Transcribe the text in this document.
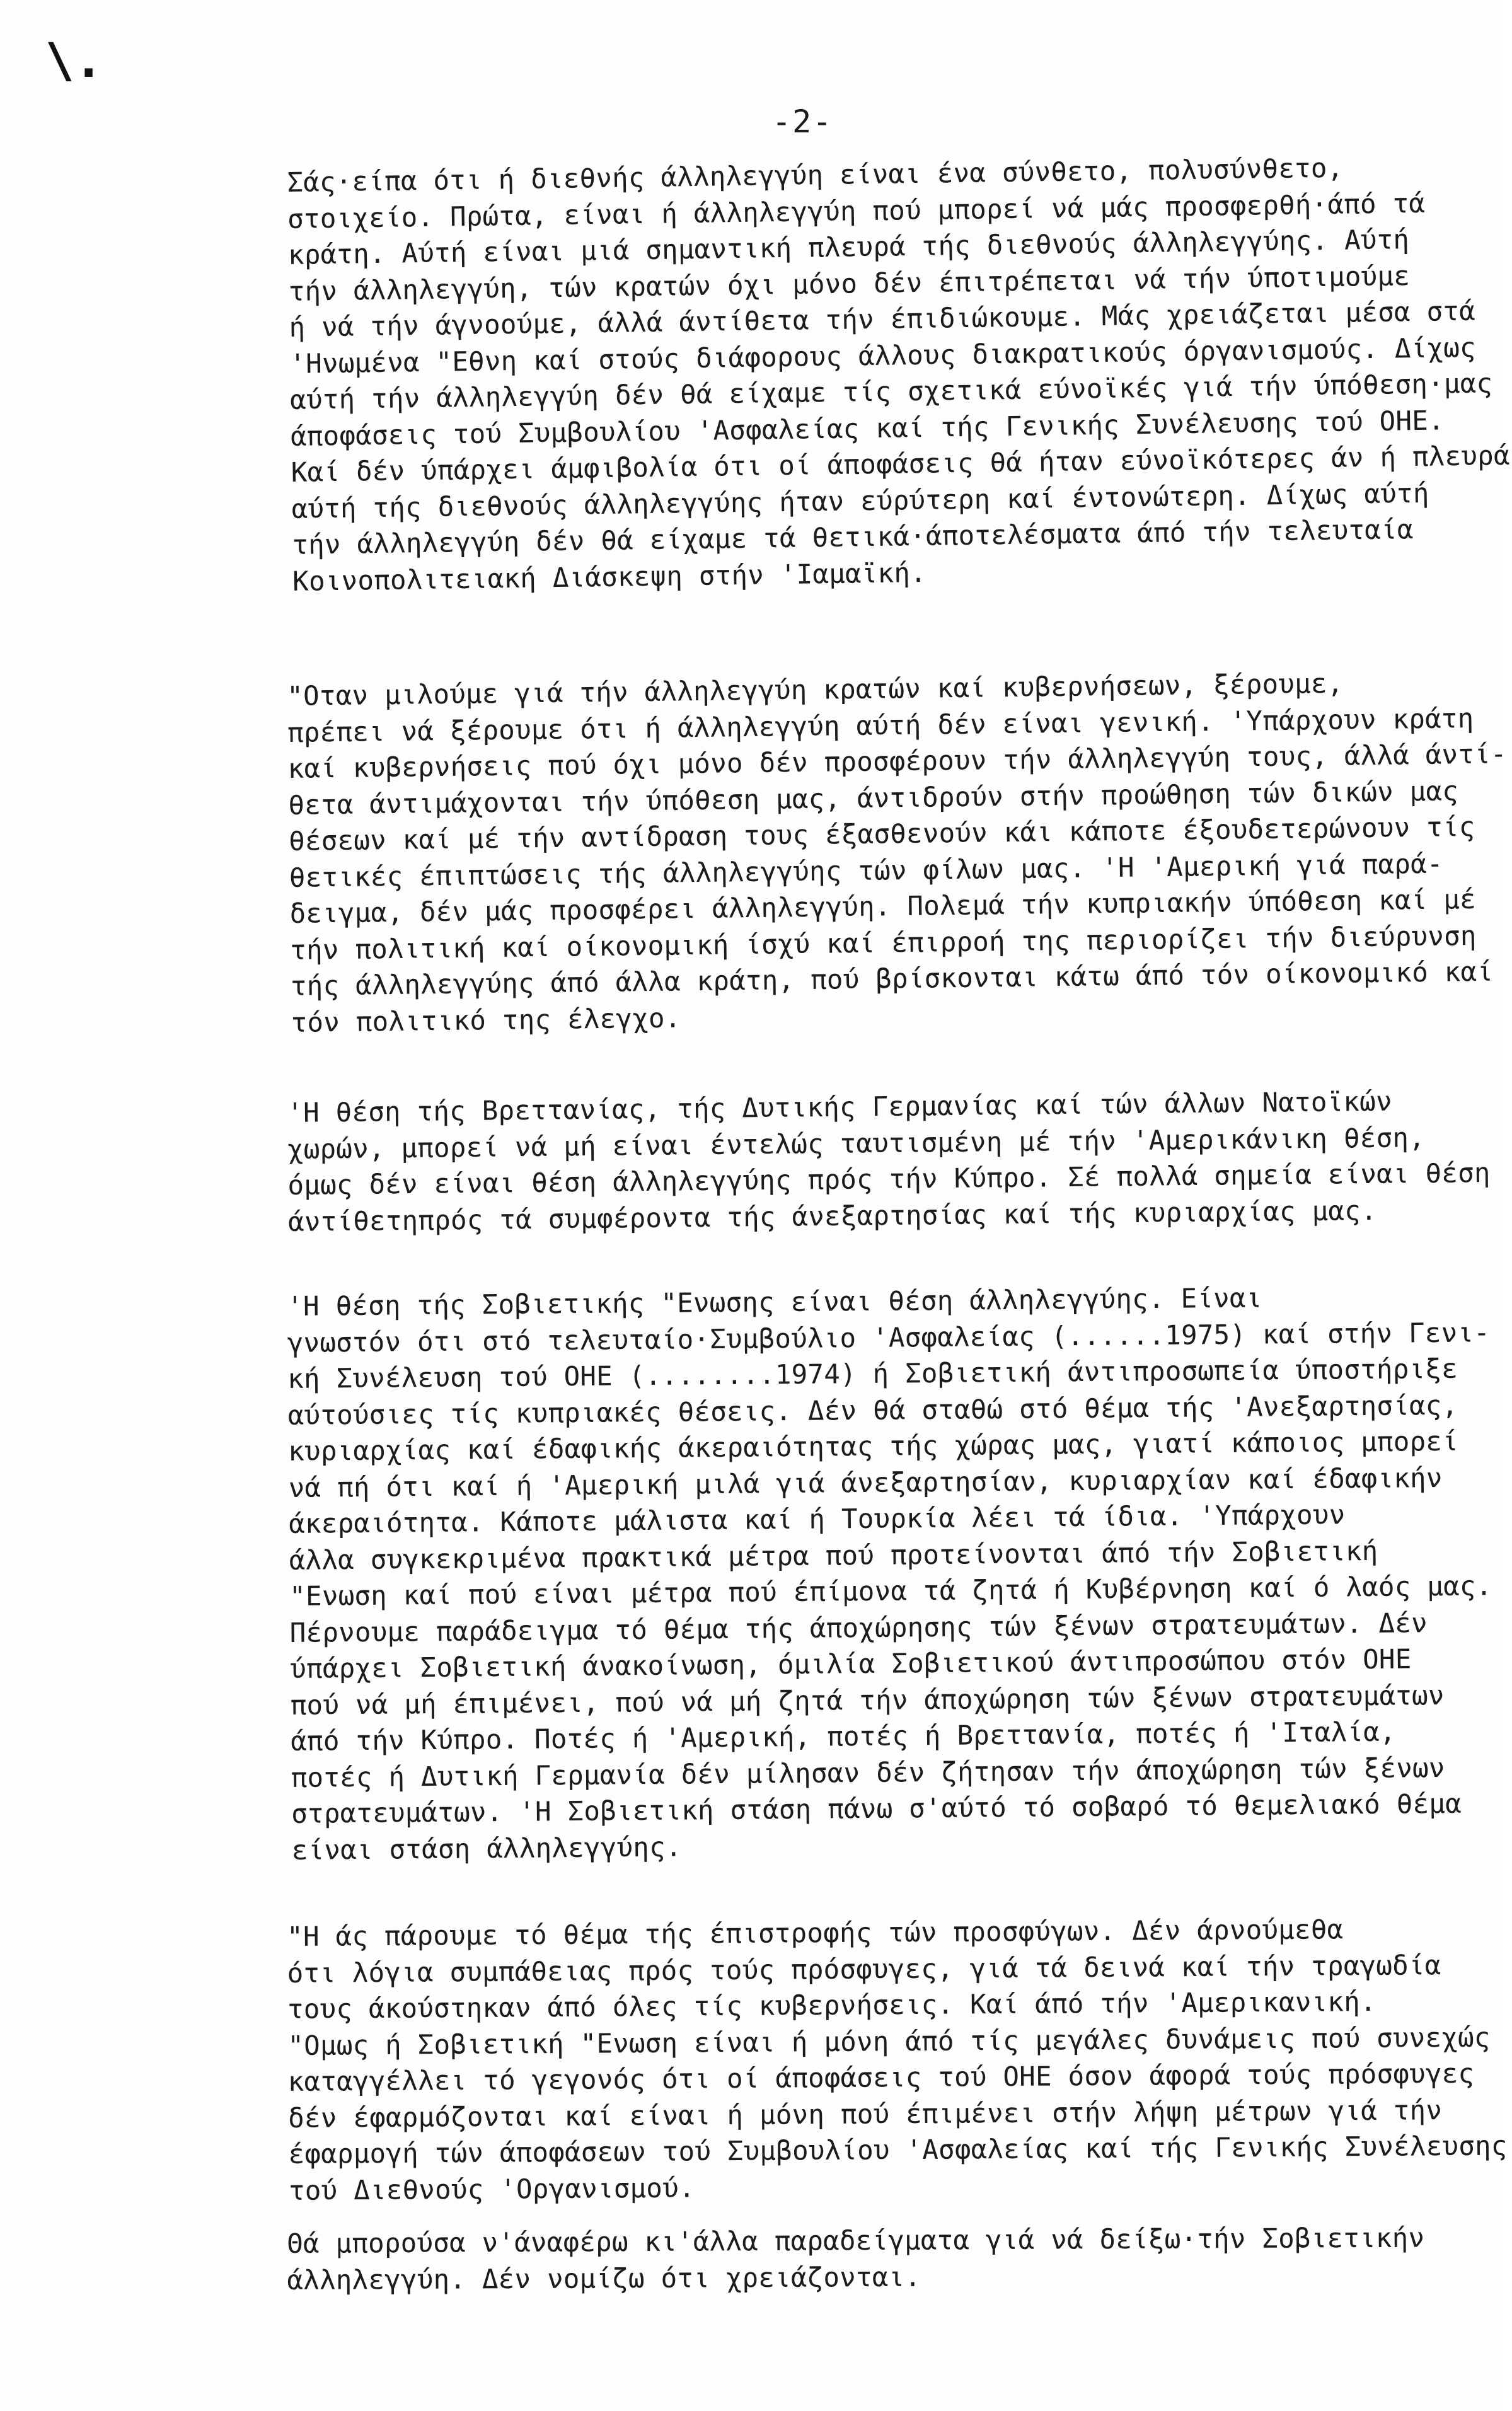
\.
-2-
Σάς·είπα ότι ή διεθνής άλληλεγγύη είναι ένα σύνθετο, πολυσύνθετο,
στοιχείο. Πρώτα, είναι ή άλληλεγγύη πού μπορεί νά μάς προσφερθή·άπό τά
κράτη. Αύτή είναι μιά σημαντική πλευρά τής διεθνούς άλληλεγγύης. Αύτή
τήν άλληλεγγύη, τών κρατών όχι μόνο δέν έπιτρέπεται νά τήν ύποτιμούμε
ή νά τήν άγνοούμε, άλλά άντίθετα τήν έπιδιώκουμε. Μάς χρειάζεται μέσα στά
'Ηνωμένα "Εθνη καί στούς διάφορους άλλους διακρατικούς όργανισμούς. Δίχως
αύτή τήν άλληλεγγύη δέν θά είχαμε τίς σχετικά εύνοϊκές γιά τήν ύπόθεση·μας
άποφάσεις τού Συμβουλίου 'Ασφαλείας καί τής Γενικής Συνέλευσης τού ΟΗΕ.
Καί δέν ύπάρχει άμφιβολία ότι οί άποφάσεις θά ήταν εύνοϊκότερες άν ή πλευρά
αύτή τής διεθνούς άλληλεγγύης ήταν εύρύτερη καί έντονώτερη. Δίχως αύτή
τήν άλληλεγγύη δέν θά είχαμε τά θετικά·άποτελέσματα άπό τήν τελευταία
Κοινοπολιτειακή Διάσκεψη στήν 'Ιαμαϊκή.
"Οταν μιλούμε γιά τήν άλληλεγγύη κρατών καί κυβερνήσεων, ξέρουμε,
πρέπει νά ξέρουμε ότι ή άλληλεγγύη αύτή δέν είναι γενική. 'Υπάρχουν κράτη
καί κυβερνήσεις πού όχι μόνο δέν προσφέρουν τήν άλληλεγγύη τους, άλλά άντί-
θετα άντιμάχονται τήν ύπόθεση μας, άντιδρούν στήν προώθηση τών δικών μας
θέσεων καί μέ τήν αντίδραση τους έξασθενούν κάι κάποτε έξουδετερώνουν τίς
θετικές έπιπτώσεις τής άλληλεγγύης τών φίλων μας. 'Η 'Αμερική γιά παρά-
δειγμα, δέν μάς προσφέρει άλληλεγγύη. Πολεμά τήν κυπριακήν ύπόθεση καί μέ
τήν πολιτική καί οίκονομική ίσχύ καί έπιρροή της περιορίζει τήν διεύρυνση
τής άλληλεγγύης άπό άλλα κράτη, πού βρίσκονται κάτω άπό τόν οίκονομικό καί
τόν πολιτικό της έλεγχο.
'Η θέση τής Βρεττανίας, τής Δυτικής Γερμανίας καί τών άλλων Νατοϊκών
χωρών, μπορεί νά μή είναι έντελώς ταυτισμένη μέ τήν 'Αμερικάνικη θέση,
όμως δέν είναι θέση άλληλεγγύης πρός τήν Κύπρο. Σέ πολλά σημεία είναι θέση
άντίθετηπρός τά συμφέροντα τής άνεξαρτησίας καί τής κυριαρχίας μας.
'Η θέση τής Σοβιετικής "Ενωσης είναι θέση άλληλεγγύης. Είναι
γνωστόν ότι στό τελευταίο·Συμβούλιο 'Ασφαλείας (......1975) καί στήν Γενι-
κή Συνέλευση τού ΟΗΕ (........1974) ή Σοβιετική άντιπροσωπεία ύποστήριξε
αύτούσιες τίς κυπριακές θέσεις. Δέν θά σταθώ στό θέμα τής 'Ανεξαρτησίας,
κυριαρχίας καί έδαφικής άκεραιότητας τής χώρας μας, γιατί κάποιος μπορεί
νά πή ότι καί ή 'Αμερική μιλά γιά άνεξαρτησίαν, κυριαρχίαν καί έδαφικήν
άκεραιότητα. Κάποτε μάλιστα καί ή Τουρκία λέει τά ίδια. 'Υπάρχουν
άλλα συγκεκριμένα πρακτικά μέτρα πού προτείνονται άπό τήν Σοβιετική
"Ενωση καί πού είναι μέτρα πού έπίμονα τά ζητά ή Κυβέρνηση καί ό λαός μας.
Πέρνουμε παράδειγμα τό θέμα τής άποχώρησης τών ξένων στρατευμάτων. Δέν
ύπάρχει Σοβιετική άνακοίνωση, όμιλία Σοβιετικού άντιπροσώπου στόν ΟΗΕ
πού νά μή έπιμένει, πού νά μή ζητά τήν άποχώρηση τών ξένων στρατευμάτων
άπό τήν Κύπρο. Ποτές ή 'Αμερική, ποτές ή Βρεττανία, ποτές ή 'Ιταλία,
ποτές ή Δυτική Γερμανία δέν μίλησαν δέν ζήτησαν τήν άποχώρηση τών ξένων
στρατευμάτων. 'Η Σοβιετική στάση πάνω σ'αύτό τό σοβαρό τό θεμελιακό θέμα
είναι στάση άλληλεγγύης.
"Η άς πάρουμε τό θέμα τής έπιστροφής τών προσφύγων. Δέν άρνούμεθα
ότι λόγια συμπάθειας πρός τούς πρόσφυγες, γιά τά δεινά καί τήν τραγωδία
τους άκούστηκαν άπό όλες τίς κυβερνήσεις. Καί άπό τήν 'Αμερικανική.
"Ομως ή Σοβιετική "Ενωση είναι ή μόνη άπό τίς μεγάλες δυνάμεις πού συνεχώς
καταγγέλλει τό γεγονός ότι οί άποφάσεις τού ΟΗΕ όσον άφορά τούς πρόσφυγες
δέν έφαρμόζονται καί είναι ή μόνη πού έπιμένει στήν λήψη μέτρων γιά τήν
έφαρμογή τών άποφάσεων τού Συμβουλίου 'Ασφαλείας καί τής Γενικής Συνέλευσης
τού Διεθνούς 'Οργανισμού.
Θά μπορούσα ν'άναφέρω κι'άλλα παραδείγματα γιά νά δείξω·τήν Σοβιετικήν
άλληλεγγύη. Δέν νομίζω ότι χρειάζονται.
